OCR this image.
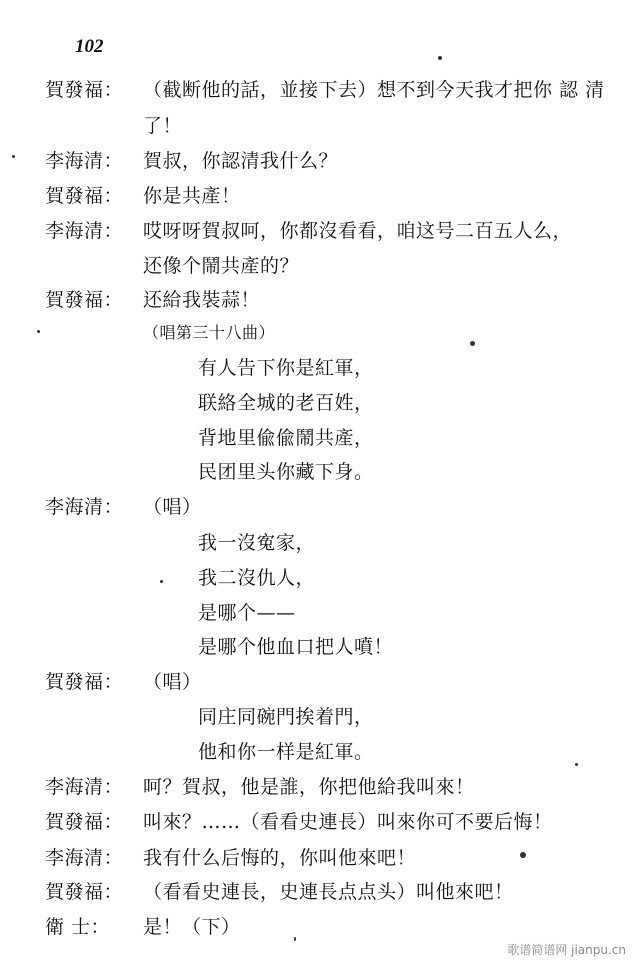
102
賀發福：	（截断他的話，並接下去）想不到今天我才把你 認 清
了！
李海清：	賀叔，你認清我什么？
賀發福：	你是共產！
李海清：	哎呀呀賀叔呵，你都沒看看，咱这号二百五人么，
还像个鬧共產的？
賀發福：	还給我裝蒜！
（唱第三十八曲）
有人告下你是紅軍，
联絡全城的老百姓，
背地里偸偸鬧共產，
民团里头你藏下身。
李海清：	（唱）
我一沒寃家，
我二沒仇人，
是哪个——
是哪个他血口把人噴！
賀發福：	（唱）
同庄同碗門挨着門，
他和你一样是紅軍。
李海清：	呵？賀叔，他是誰，你把他給我叫來！
賀發福：	叫來？……（看看史連長）叫來你可不要后悔！
李海清：	我有什么后悔的，你叫他來吧！
賀發福：	（看看史連長，史連長点点头）叫他來吧！
衛 士：	是！（下）
歌谱简谱网 jianpu.cn
